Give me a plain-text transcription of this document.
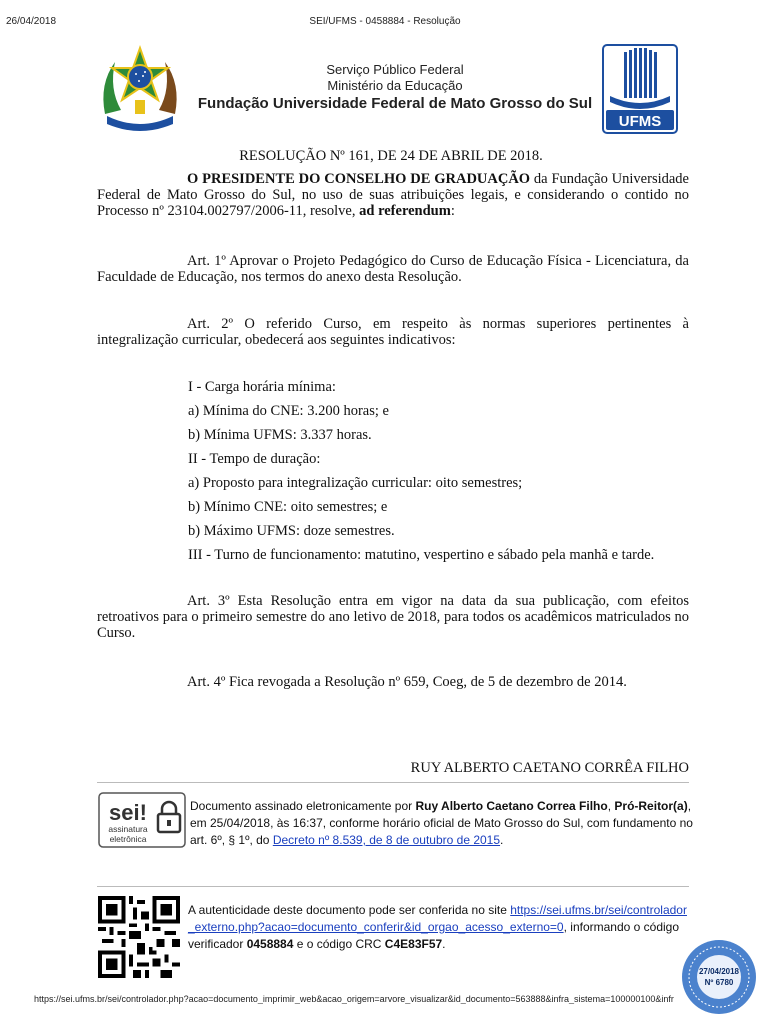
26/04/2018	SEI/UFMS - 0458884 - Resolução
Serviço Público Federal
Ministério da Educação
Fundação Universidade Federal de Mato Grosso do Sul
UFMS
RESOLUÇÃO Nº 161, DE 24 DE ABRIL DE 2018.
O PRESIDENTE DO CONSELHO DE GRADUAÇÃO da Fundação Universidade Federal de Mato Grosso do Sul, no uso de suas atribuições legais, e considerando o contido no Processo nº 23104.002797/2006-11, resolve, ad referendum:
Art. 1º Aprovar o Projeto Pedagógico do Curso de Educação Física - Licenciatura, da Faculdade de Educação, nos termos do anexo desta Resolução.
Art. 2º O referido Curso, em respeito às normas superiores pertinentes à integralização curricular, obedecerá aos seguintes indicativos:
I - Carga horária mínima:
a) Mínima do CNE: 3.200 horas; e
b) Mínima UFMS: 3.337 horas.
II - Tempo de duração:
a) Proposto para integralização curricular: oito semestres;
b) Mínimo CNE: oito semestres; e
b) Máximo UFMS: doze semestres.
III - Turno de funcionamento: matutino, vespertino e sábado pela manhã e tarde.
Art. 3º Esta Resolução entra em vigor na data da sua publicação, com efeitos retroativos para o primeiro semestre do ano letivo de 2018, para todos os acadêmicos matriculados no Curso.
Art. 4º Fica revogada a Resolução nº 659, Coeg, de 5 de dezembro de 2014.
RUY ALBERTO CAETANO CORRÊA FILHO
sei!
assinatura
eletrônica
Documento assinado eletronicamente por Ruy Alberto Caetano Correa Filho, Pró-Reitor(a), em 25/04/2018, às 16:37, conforme horário oficial de Mato Grosso do Sul, com fundamento no art. 6º, § 1º, do Decreto nº 8.539, de 8 de outubro de 2015.
A autenticidade deste documento pode ser conferida no site https://sei.ufms.br/sei/controlador_externo.php?acao=documento_conferir&id_orgao_acesso_externo=0, informando o código verificador 0458884 e o código CRC C4E83F57.
27/04/2018
Nº 6780
https://sei.ufms.br/sei/controlador.php?acao=documento_imprimir_web&acao_origem=arvore_visualizar&id_documento=563888&infra_sistema=100000100&infr
